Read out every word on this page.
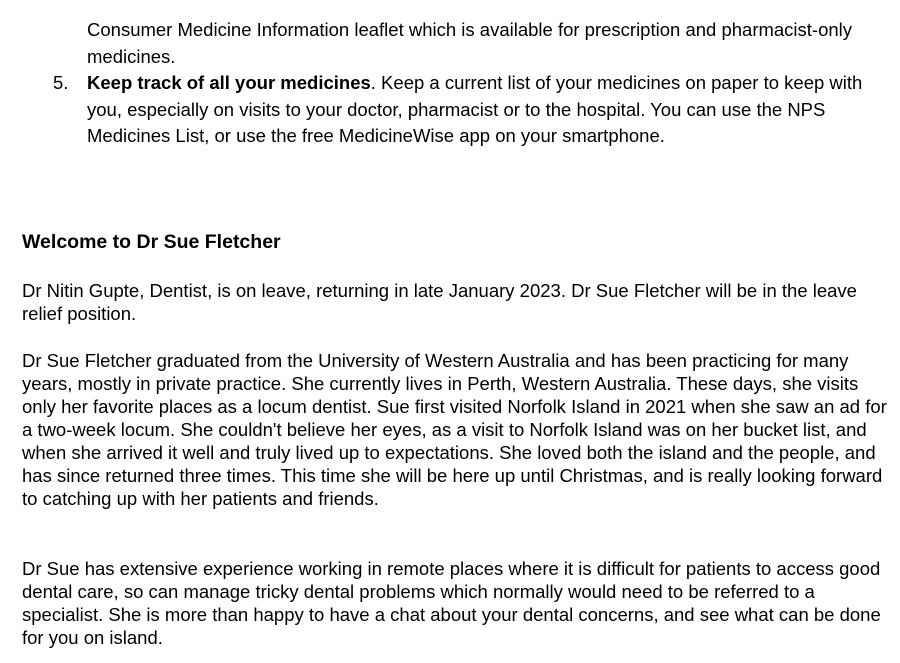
Consumer Medicine Information leaflet which is available for prescription and pharmacist-only medicines.

5. Keep track of all your medicines. Keep a current list of your medicines on paper to keep with you, especially on visits to your doctor, pharmacist or to the hospital. You can use the NPS Medicines List, or use the free MedicineWise app on your smartphone.
Welcome to Dr Sue Fletcher

Dr Nitin Gupte, Dentist, is on leave, returning in late January 2023. Dr Sue Fletcher will be in the leave relief position.

Dr Sue Fletcher graduated from the University of Western Australia and has been practicing for many years, mostly in private practice. She currently lives in Perth, Western Australia. These days, she visits only her favorite places as a locum dentist. Sue first visited Norfolk Island in 2021 when she saw an ad for a two-week locum. She couldn't believe her eyes, as a visit to Norfolk Island was on her bucket list, and when she arrived it well and truly lived up to expectations. She loved both the island and the people, and has since returned three times. This time she will be here up until Christmas, and is really looking forward to catching up with her patients and friends.

Dr Sue has extensive experience working in remote places where it is difficult for patients to access good dental care, so can manage tricky dental problems which normally would need to be referred to a specialist. She is more than happy to have a chat about your dental concerns, and see what can be done for you on island.
